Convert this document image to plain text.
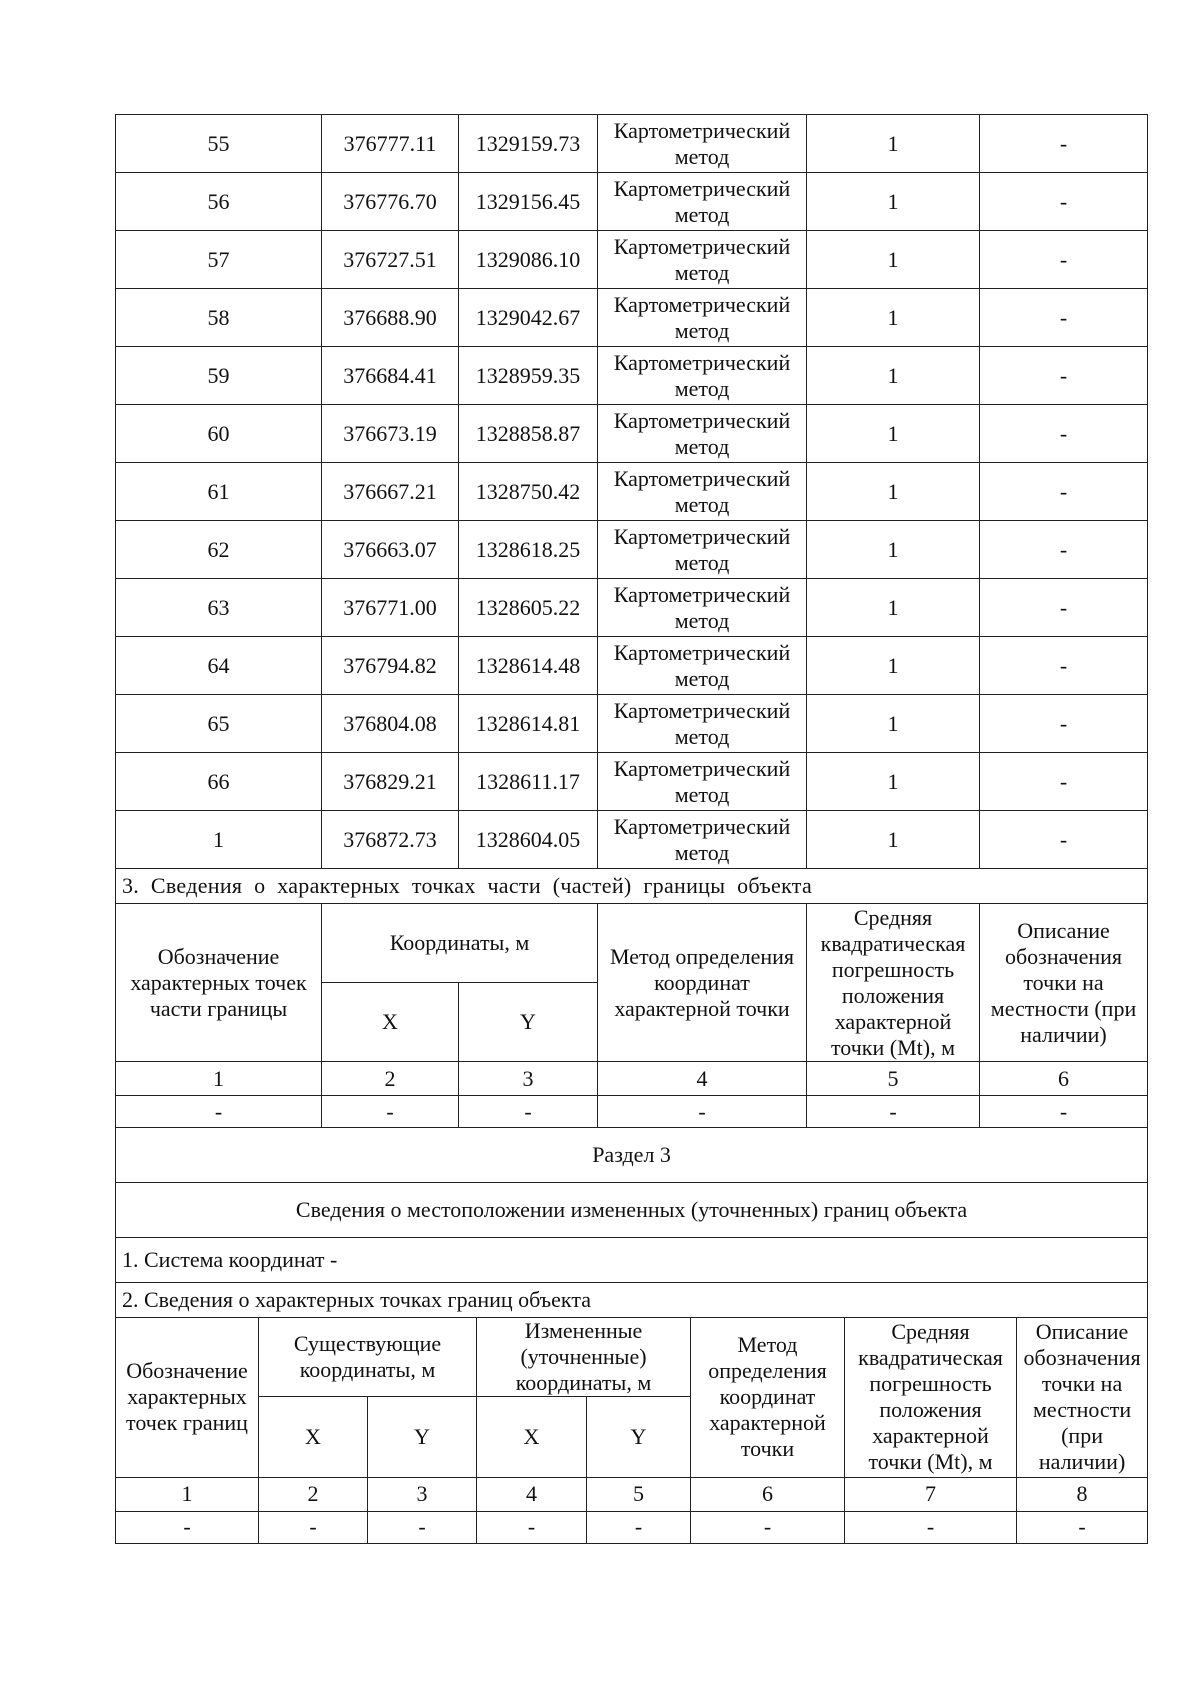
55	376777.11	1329159.73	Картометрический метод	1	-
56	376776.70	1329156.45	Картометрический метод	1	-
57	376727.51	1329086.10	Картометрический метод	1	-
58	376688.90	1329042.67	Картометрический метод	1	-
59	376684.41	1328959.35	Картометрический метод	1	-
60	376673.19	1328858.87	Картометрический метод	1	-
61	376667.21	1328750.42	Картометрический метод	1	-
62	376663.07	1328618.25	Картометрический метод	1	-
63	376771.00	1328605.22	Картометрический метод	1	-
64	376794.82	1328614.48	Картометрический метод	1	-
65	376804.08	1328614.81	Картометрический метод	1	-
66	376829.21	1328611.17	Картометрический метод	1	-
1	376872.73	1328604.05	Картометрический метод	1	-
3. Сведения о характерных точках части (частей) границы объекта					
Обозначение характерных точек части границы	Координаты, м		Метод определения координат характерной точки	Средняя квадратическая погрешность положения характерной точки (Mt), м	Описание обозначения точки на местности (при наличии)
	X	Y			
1	2	3	4	5	6
-	-	-	-	-	-
Раздел 3							
Сведения о местоположении измененных (уточненных) границ объекта							
1. Система координат -							
2. Сведения о характерных точках границ объекта							
Обозначение характерных точек границ	Существующие координаты, м		Измененные (уточненные) координаты, м		Метод определения координат характерной точки	Средняя квадратическая погрешность положения характерной точки (Mt), м	Описание обозначения точки на местности (при наличии)
	X	Y	X	Y			
1	2	3	4	5	6	7	8
-	-	-	-	-	-	-	-
